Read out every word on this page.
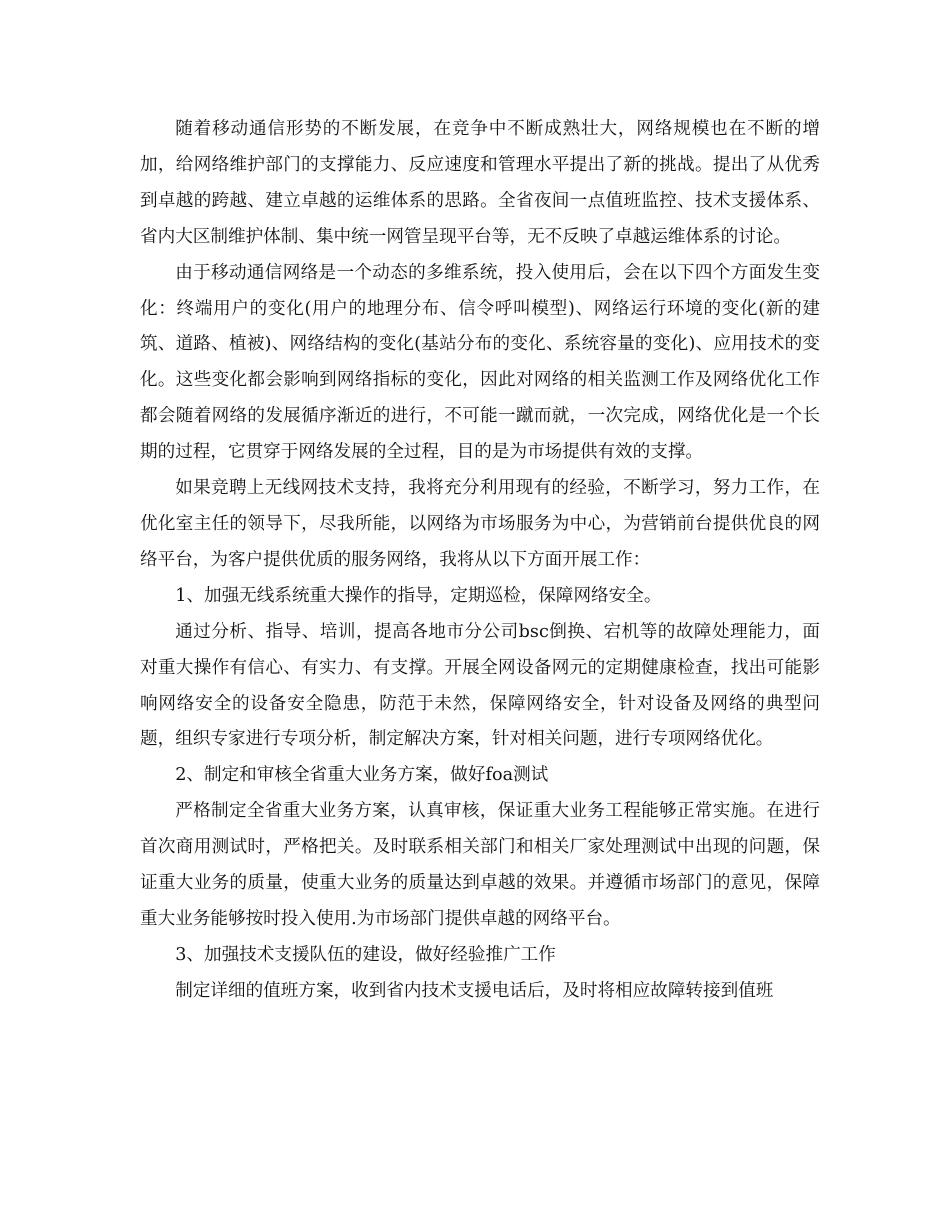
随着移动通信形势的不断发展，在竞争中不断成熟壮大，网络规模也在不断的增加，给网络维护部门的支撑能力、反应速度和管理水平提出了新的挑战。提出了从优秀到卓越的跨越、建立卓越的运维体系的思路。全省夜间一点值班监控、技术支援体系、省内大区制维护体制、集中统一网管呈现平台等，无不反映了卓越运维体系的讨论。

由于移动通信网络是一个动态的多维系统，投入使用后，会在以下四个方面发生变化：终端用户的变化(用户的地理分布、信令呼叫模型)、网络运行环境的变化(新的建筑、道路、植被)、网络结构的变化(基站分布的变化、系统容量的变化)、应用技术的变化。这些变化都会影响到网络指标的变化，因此对网络的相关监测工作及网络优化工作都会随着网络的发展循序渐近的进行，不可能一蹴而就，一次完成，网络优化是一个长期的过程，它贯穿于网络发展的全过程，目的是为市场提供有效的支撑。

如果竞聘上无线网技术支持，我将充分利用现有的经验，不断学习，努力工作，在优化室主任的领导下，尽我所能，以网络为市场服务为中心，为营销前台提供优良的网络平台，为客户提供优质的服务网络，我将从以下方面开展工作：

1、加强无线系统重大操作的指导，定期巡检，保障网络安全。

通过分析、指导、培训，提高各地市分公司bsc倒换、宕机等的故障处理能力，面对重大操作有信心、有实力、有支撑。开展全网设备网元的定期健康检查，找出可能影响网络安全的设备安全隐患，防范于未然，保障网络安全，针对设备及网络的典型问题，组织专家进行专项分析，制定解决方案，针对相关问题，进行专项网络优化。

2、制定和审核全省重大业务方案，做好foa测试

严格制定全省重大业务方案，认真审核，保证重大业务工程能够正常实施。在进行首次商用测试时，严格把关。及时联系相关部门和相关厂家处理测试中出现的问题，保证重大业务的质量，使重大业务的质量达到卓越的效果。并遵循市场部门的意见，保障重大业务能够按时投入使用.为市场部门提供卓越的网络平台。

3、加强技术支援队伍的建设，做好经验推广工作

制定详细的值班方案，收到省内技术支援电话后，及时将相应故障转接到值班
